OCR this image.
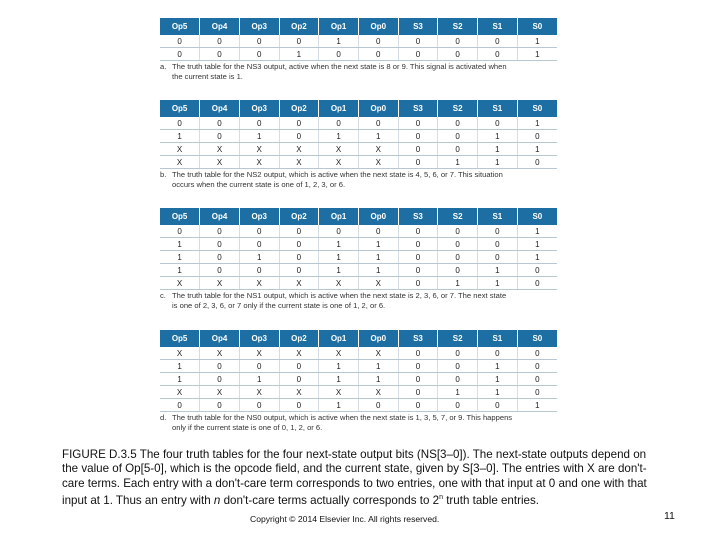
Op5	Op4	Op3	Op2	Op1	Op0	S3	S2	S1	S0
0	0	0	0	1	0	0	0	0	1
0	0	0	1	0	0	0	0	0	1
a. The truth table for the NS3 output, active when the next state is 8 or 9. This signal is activated when
the current state is 1.
Op5	Op4	Op3	Op2	Op1	Op0	S3	S2	S1	S0
0	0	0	0	0	0	0	0	0	1
1	0	1	0	1	1	0	0	1	0
X	X	X	X	X	X	0	0	1	1
X	X	X	X	X	X	0	1	1	0
b. The truth table for the NS2 output, which is active when the next state is 4, 5, 6, or 7. This situation
occurs when the current state is one of 1, 2, 3, or 6.
Op5	Op4	Op3	Op2	Op1	Op0	S3	S2	S1	S0
0	0	0	0	0	0	0	0	0	1
1	0	0	0	1	1	0	0	0	1
1	0	1	0	1	1	0	0	0	1
1	0	0	0	1	1	0	0	1	0
X	X	X	X	X	X	0	1	1	0
c. The truth table for the NS1 output, which is active when the next state is 2, 3, 6, or 7. The next state
is one of 2, 3, 6, or 7 only if the current state is one of 1, 2, or 6.
Op5	Op4	Op3	Op2	Op1	Op0	S3	S2	S1	S0
X	X	X	X	X	X	0	0	0	0
1	0	0	0	1	1	0	0	1	0
1	0	1	0	1	1	0	0	1	0
X	X	X	X	X	X	0	1	1	0
0	0	0	0	1	0	0	0	0	1
d. The truth table for the NS0 output, which is active when the next state is 1, 3, 5, 7, or 9. This happens
only if the current state is one of 0, 1, 2, or 6.

FIGURE D.3.5 The four truth tables for the four next-state output bits (NS[3–0]). The next-state outputs depend on the value of Op[5-0], which is the opcode field, and the current state, given by S[3–0]. The entries with X are don't-care terms. Each entry with a don't-care term corresponds to two entries, one with that input at 0 and one with that input at 1. Thus an entry with n don't-care terms actually corresponds to 2$^n$ truth table entries.

Copyright © 2014 Elsevier Inc. All rights reserved.	11
